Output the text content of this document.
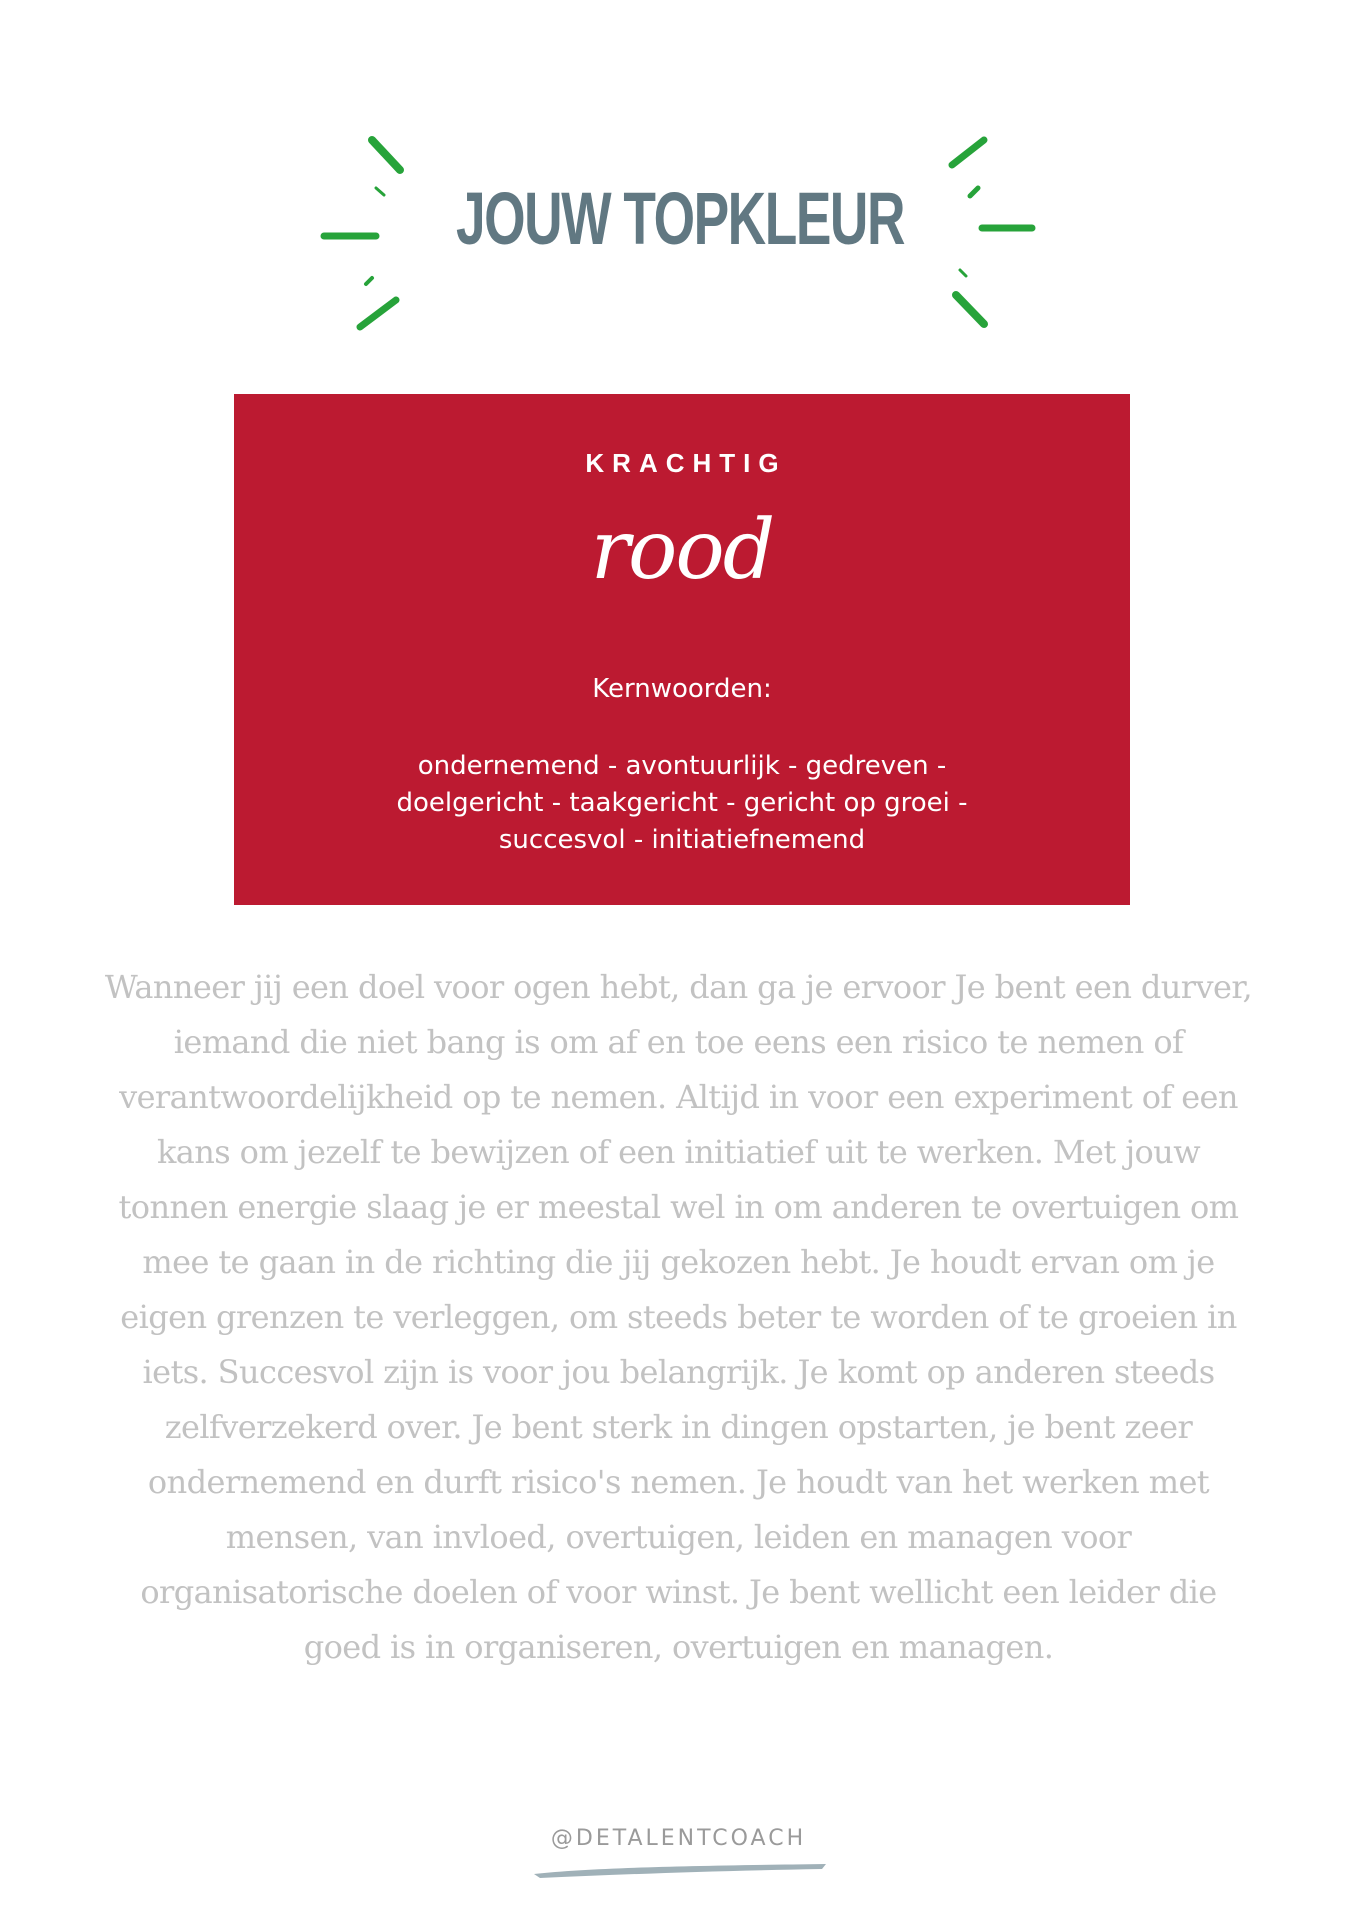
JOUW TOPKLEUR
KRACHTIG
rood
Kernwoorden:
ondernemend - avontuurlijk - gedreven - doelgericht - taakgericht - gericht op groei - succesvol - initiatiefnemend
Wanneer jij een doel voor ogen hebt, dan ga je ervoor Je bent een durver, iemand die niet bang is om af en toe eens een risico te nemen of verantwoordelijkheid op te nemen. Altijd in voor een experiment of een kans om jezelf te bewijzen of een initiatief uit te werken. Met jouw tonnen energie slaag je er meestal wel in om anderen te overtuigen om mee te gaan in de richting die jij gekozen hebt. Je houdt ervan om je eigen grenzen te verleggen, om steeds beter te worden of te groeien in iets. Succesvol zijn is voor jou belangrijk. Je komt op anderen steeds zelfverzekerd over. Je bent sterk in dingen opstarten, je bent zeer ondernemend en durft risico's nemen. Je houdt van het werken met mensen, van invloed, overtuigen, leiden en managen voor organisatorische doelen of voor winst. Je bent wellicht een leider die goed is in organiseren, overtuigen en managen.
@DETALENTCOACH
